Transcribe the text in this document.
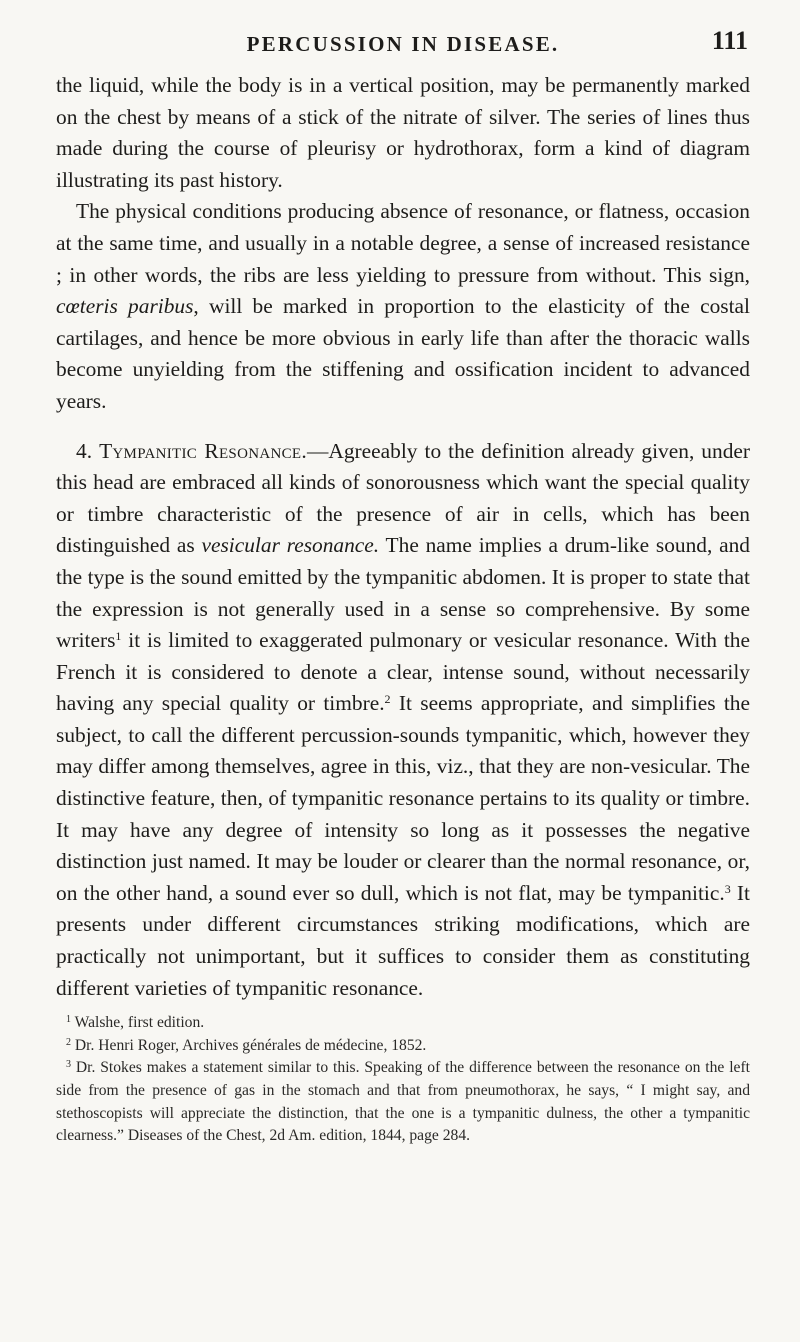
PERCUSSION IN DISEASE.	111

the liquid, while the body is in a vertical position, may be permanently marked on the chest by means of a stick of the nitrate of silver. The series of lines thus made during the course of pleurisy or hydrothorax, form a kind of diagram illustrating its past history.

The physical conditions producing absence of resonance, or flatness, occasion at the same time, and usually in a notable degree, a sense of increased resistance ; in other words, the ribs are less yielding to pressure from without. This sign, cœteris paribus, will be marked in proportion to the elasticity of the costal cartilages, and hence be more obvious in early life than after the thoracic walls become unyielding from the stiffening and ossification incident to advanced years.

4. Tympanitic Resonance.—Agreeably to the definition already given, under this head are embraced all kinds of sonorousness which want the special quality or timbre characteristic of the presence of air in cells, which has been distinguished as vesicular resonance. The name implies a drum-like sound, and the type is the sound emitted by the tympanitic abdomen. It is proper to state that the expression is not generally used in a sense so comprehensive. By some writers$^1$ it is limited to exaggerated pulmonary or vesicular resonance. With the French it is considered to denote a clear, intense sound, without necessarily having any special quality or timbre.$^2$ It seems appropriate, and simplifies the subject, to call the different percussion-sounds tympanitic, which, however they may differ among themselves, agree in this, viz., that they are non-vesicular. The distinctive feature, then, of tympanitic resonance pertains to its quality or timbre. It may have any degree of intensity so long as it possesses the negative distinction just named. It may be louder or clearer than the normal resonance, or, on the other hand, a sound ever so dull, which is not flat, may be tympanitic.$^3$ It presents under different circumstances striking modifications, which are practically not unimportant, but it suffices to consider them as constituting different varieties of tympanitic resonance.

$^1$ Walshe, first edition.

$^2$ Dr. Henri Roger, Archives générales de médecine, 1852.

$^3$ Dr. Stokes makes a statement similar to this. Speaking of the difference between the resonance on the left side from the presence of gas in the stomach and that from pneumothorax, he says, “ I might say, and stethoscopists will appreciate the distinction, that the one is a tympanitic dulness, the other a tympanitic clearness.” Diseases of the Chest, 2d Am. edition, 1844, page 284.
